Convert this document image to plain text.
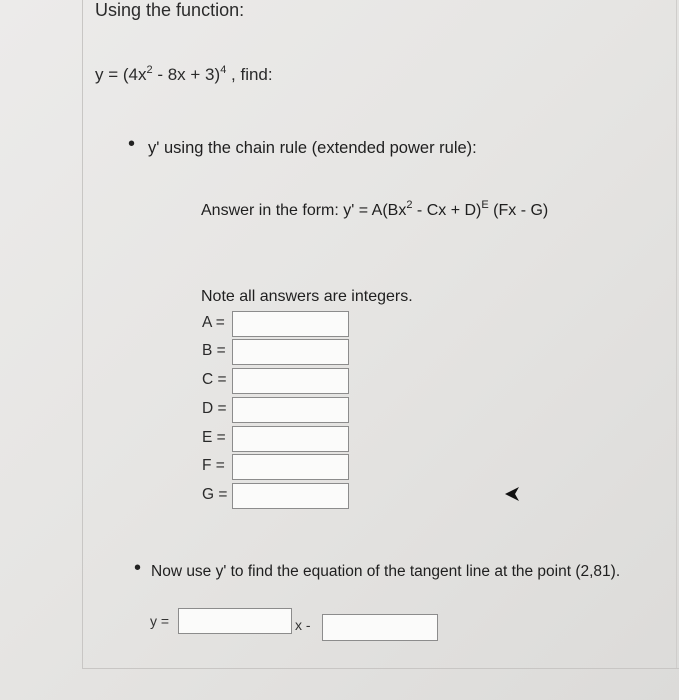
Using the function:
$y = (4x^2 - 8x + 3)^4$ , find:
• y' using the chain rule (extended power rule):
Answer in the form: $y' = A(Bx^2 - Cx + D)^E$ (Fx - G)
Note all answers are integers.
A =
B =
C =
D =
E =
F =
G =
• Now use y' to find the equation of the tangent line at the point (2,81).
y =	x -
